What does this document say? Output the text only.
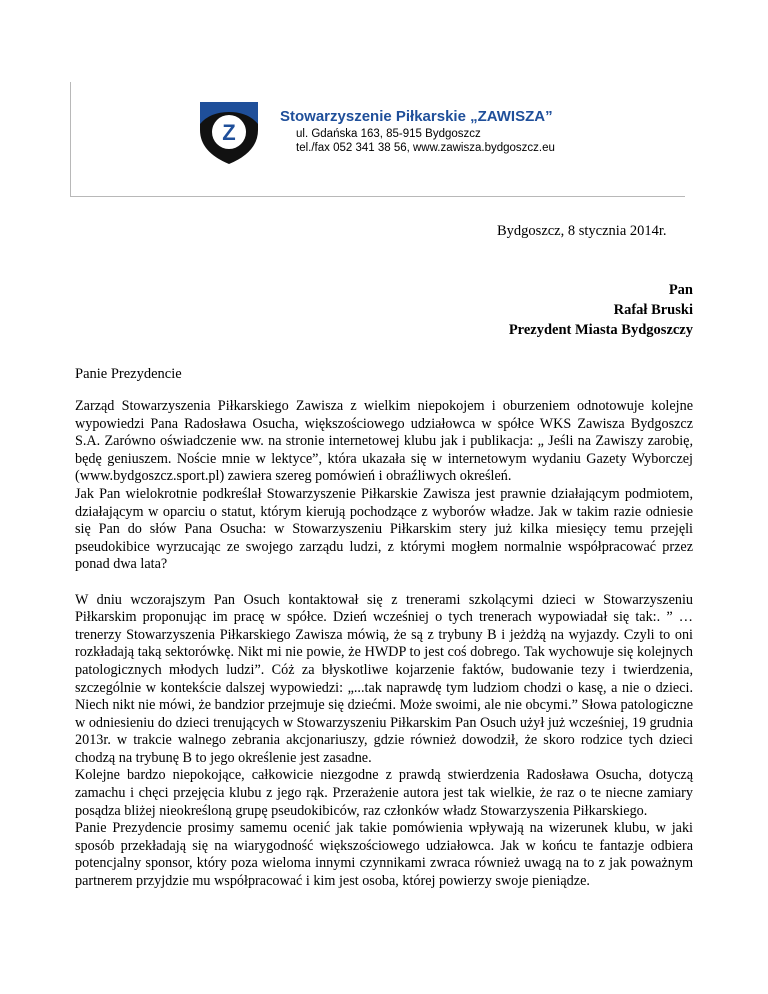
Z
Stowarzyszenie Piłkarskie „ZAWISZA”
ul. Gdańska 163, 85-915 Bydgoszcz
tel./fax 052 341 38 56, www.zawisza.bydgoszcz.eu
Bydgoszcz, 8 stycznia 2014r.
Pan
Rafał Bruski
Prezydent Miasta Bydgoszczy
Panie Prezydencie

Zarząd Stowarzyszenia Piłkarskiego Zawisza z wielkim niepokojem i oburzeniem odnotowuje kolejne wypowiedzi Pana Radosława Osucha, większościowego udziałowca w spółce WKS Zawisza Bydgoszcz S.A. Zarówno oświadczenie ww. na stronie internetowej klubu jak i publikacja: „ Jeśli na Zawiszy zarobię, będę geniuszem. Noście mnie w lektyce”, która ukazała się w internetowym wydaniu Gazety Wyborczej (www.bydgoszcz.sport.pl) zawiera szereg pomówień i obraźliwych określeń.

Jak Pan wielokrotnie podkreślał Stowarzyszenie Piłkarskie Zawisza jest prawnie działającym podmiotem, działającym w oparciu o statut, którym kierują pochodzące z wyborów władze. Jak w takim razie odniesie się Pan do słów Pana Osucha: w Stowarzyszeniu Piłkarskim stery już kilka miesięcy temu przejęli pseudokibice wyrzucając ze swojego zarządu ludzi, z którymi mogłem normalnie współpracować przez ponad dwa lata?

W dniu wczorajszym Pan Osuch kontaktował się z trenerami szkolącymi dzieci w Stowarzyszeniu Piłkarskim proponując im pracę w spółce. Dzień wcześniej o tych trenerach wypowiadał się tak:. ” … trenerzy Stowarzyszenia Piłkarskiego Zawisza mówią, że są z trybuny B i jeżdżą na wyjazdy. Czyli to oni rozkładają taką sektorówkę. Nikt mi nie powie, że HWDP to jest coś dobrego. Tak wychowuje się kolejnych patologicznych młodych ludzi”. Cóż za błyskotliwe kojarzenie faktów, budowanie tezy i twierdzenia, szczególnie w kontekście dalszej wypowiedzi: „...tak naprawdę tym ludziom chodzi o kasę, a nie o dzieci. Niech nikt nie mówi, że bandzior przejmuje się dziećmi. Może swoimi, ale nie obcymi.” Słowa patologiczne w odniesieniu do dzieci trenujących w Stowarzyszeniu Piłkarskim Pan Osuch użył już wcześniej, 19 grudnia 2013r. w trakcie walnego zebrania akcjonariuszy, gdzie również dowodził, że skoro rodzice tych dzieci chodzą na trybunę B to jego określenie jest zasadne.

Kolejne bardzo niepokojące, całkowicie niezgodne z prawdą stwierdzenia Radosława Osucha, dotyczą zamachu i chęci przejęcia klubu z jego rąk. Przerażenie autora jest tak wielkie, że raz o te niecne zamiary posądza bliżej nieokreśloną grupę pseudokibiców, raz członków władz Stowarzyszenia Piłkarskiego.

Panie Prezydencie prosimy samemu ocenić jak takie pomówienia wpływają na wizerunek klubu, w jaki sposób przekładają się na wiarygodność większościowego udziałowca. Jak w końcu te fantazje odbiera potencjalny sponsor, który poza wieloma innymi czynnikami zwraca również uwagą na to z jak poważnym partnerem przyjdzie mu współpracować i kim jest osoba, której powierzy swoje pieniądze.
